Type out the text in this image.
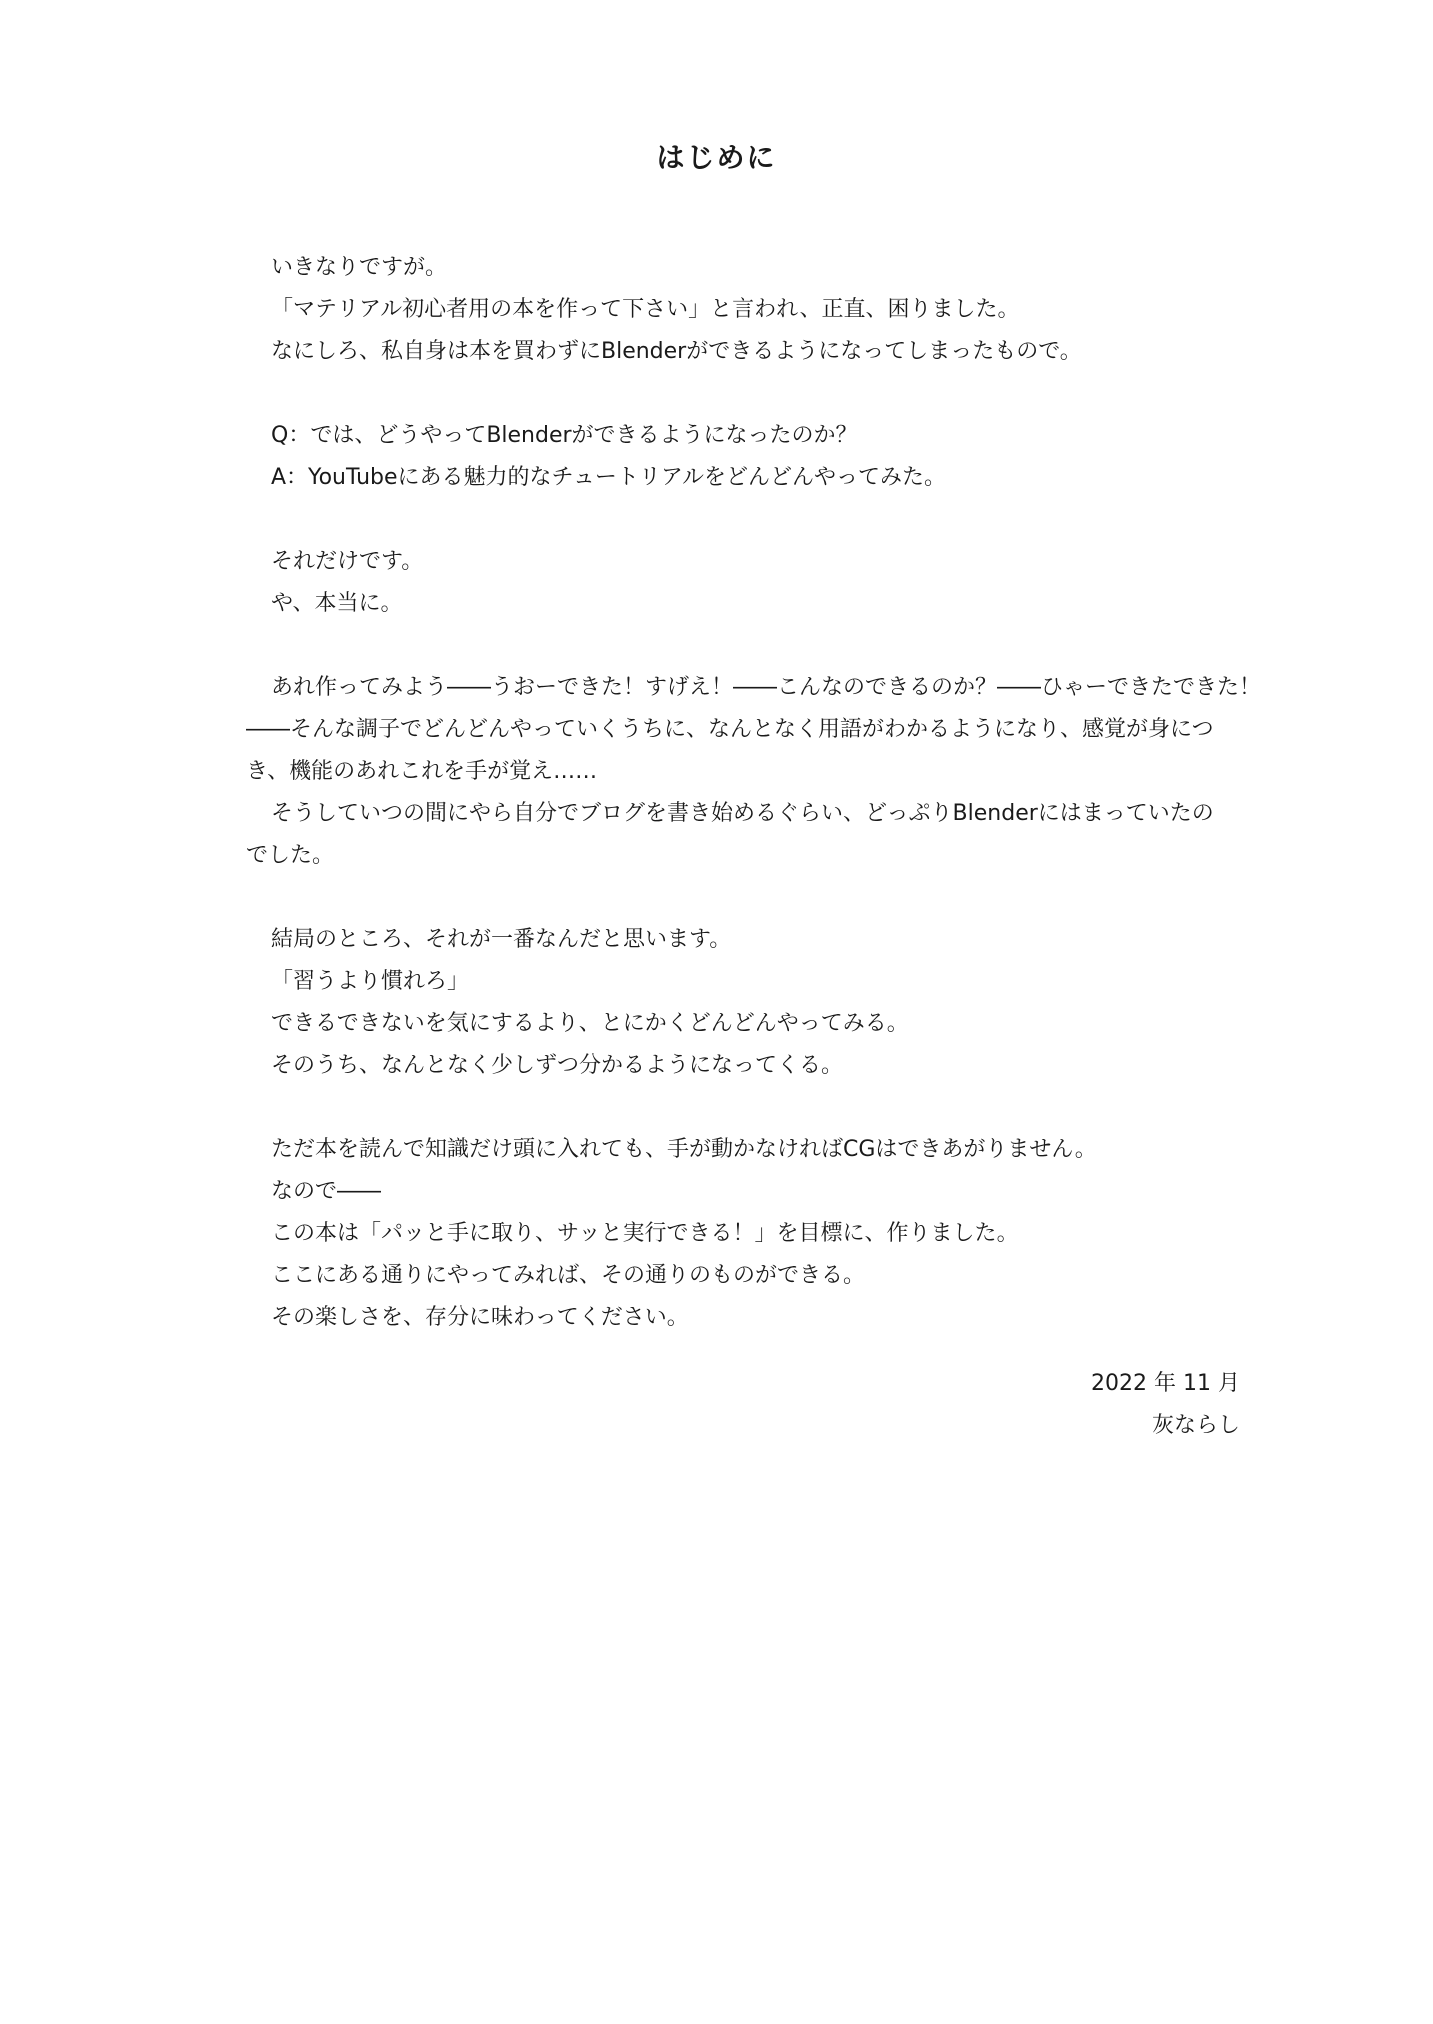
はじめに
いきなりですが。
「マテリアル初心者用の本を作って下さい」と言われ、正直、困りました。
なにしろ、私自身は本を買わずにBlenderができるようになってしまったもので。
Q：では、どうやってBlenderができるようになったのか？
A：YouTubeにある魅力的なチュートリアルをどんどんやってみた。
それだけです。
や、本当に。
あれ作ってみよう――うおーできた！すげえ！――こんなのできるのか？――ひゃーできたできた！
――そんな調子でどんどんやっていくうちに、なんとなく用語がわかるようになり、感覚が身につ
き、機能のあれこれを手が覚え……
そうしていつの間にやら自分でブログを書き始めるぐらい、どっぷりBlenderにはまっていたの
でした。
結局のところ、それが一番なんだと思います。
「習うより慣れろ」
できるできないを気にするより、とにかくどんどんやってみる。
そのうち、なんとなく少しずつ分かるようになってくる。
ただ本を読んで知識だけ頭に入れても、手が動かなければCGはできあがりません。
なので――
この本は「パッと手に取り、サッと実行できる！」を目標に、作りました。
ここにある通りにやってみれば、その通りのものができる。
その楽しさを、存分に味わってください。
2022 年 11 月
灰ならし
